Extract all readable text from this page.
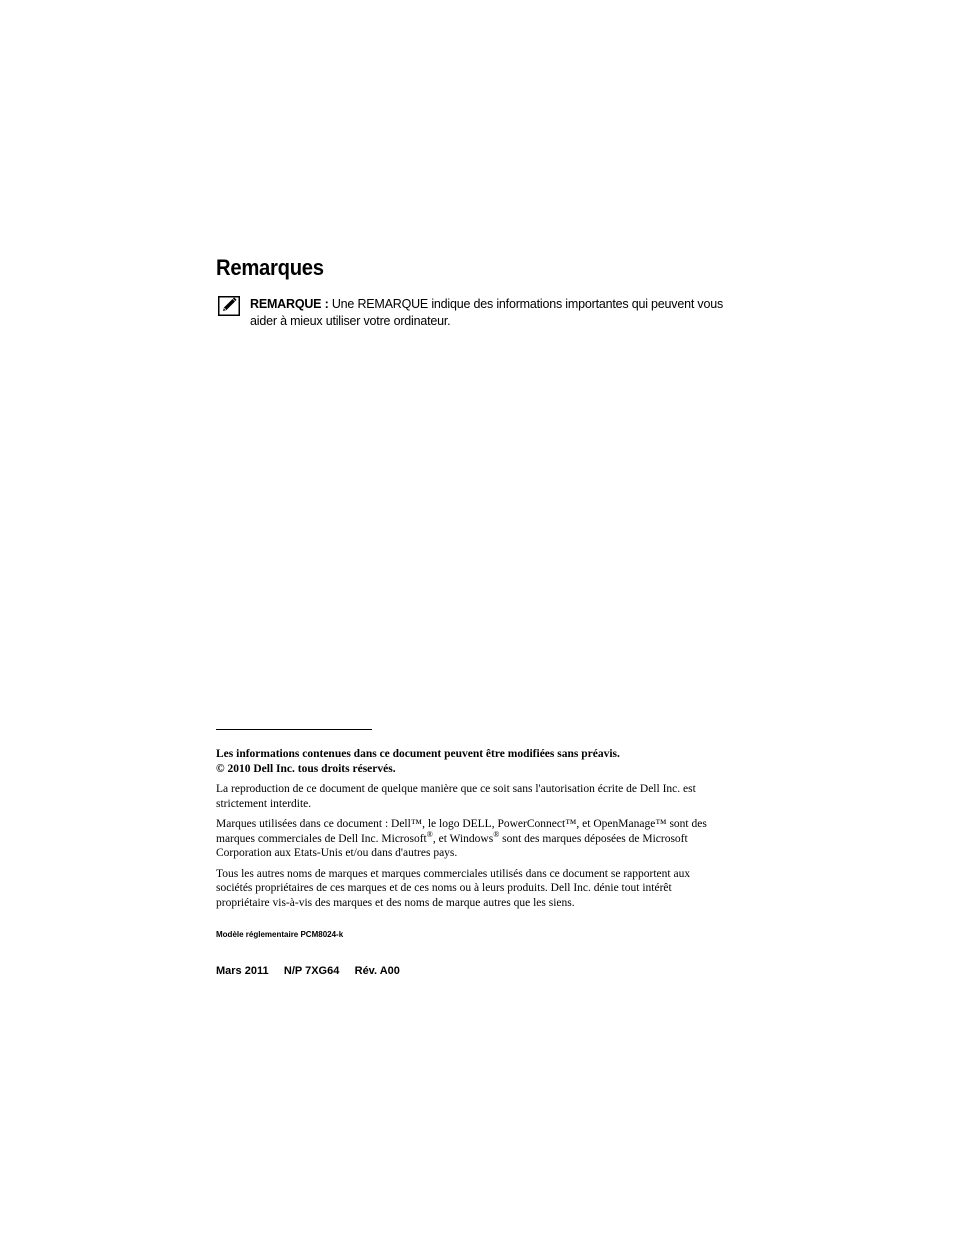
Remarques

REMARQUE : Une REMARQUE indique des informations importantes qui peuvent vous aider à mieux utiliser votre ordinateur.

Les informations contenues dans ce document peuvent être modifiées sans préavis.
© 2010 Dell Inc. tous droits réservés.

La reproduction de ce document de quelque manière que ce soit sans l'autorisation écrite de Dell Inc. est strictement interdite.

Marques utilisées dans ce document : Dell™, le logo DELL, PowerConnect™, et OpenManage™ sont des marques commerciales de Dell Inc. Microsoft®, et Windows® sont des marques déposées de Microsoft Corporation aux Etats-Unis et/ou dans d'autres pays.

Tous les autres noms de marques et marques commerciales utilisés dans ce document se rapportent aux sociétés propriétaires de ces marques et de ces noms ou à leurs produits. Dell Inc. dénie tout intérêt propriétaire vis-à-vis des marques et des noms de marque autres que les siens.

Modèle réglementaire PCM8024-k

Mars 2011 N/P 7XG64 Rév. A00
